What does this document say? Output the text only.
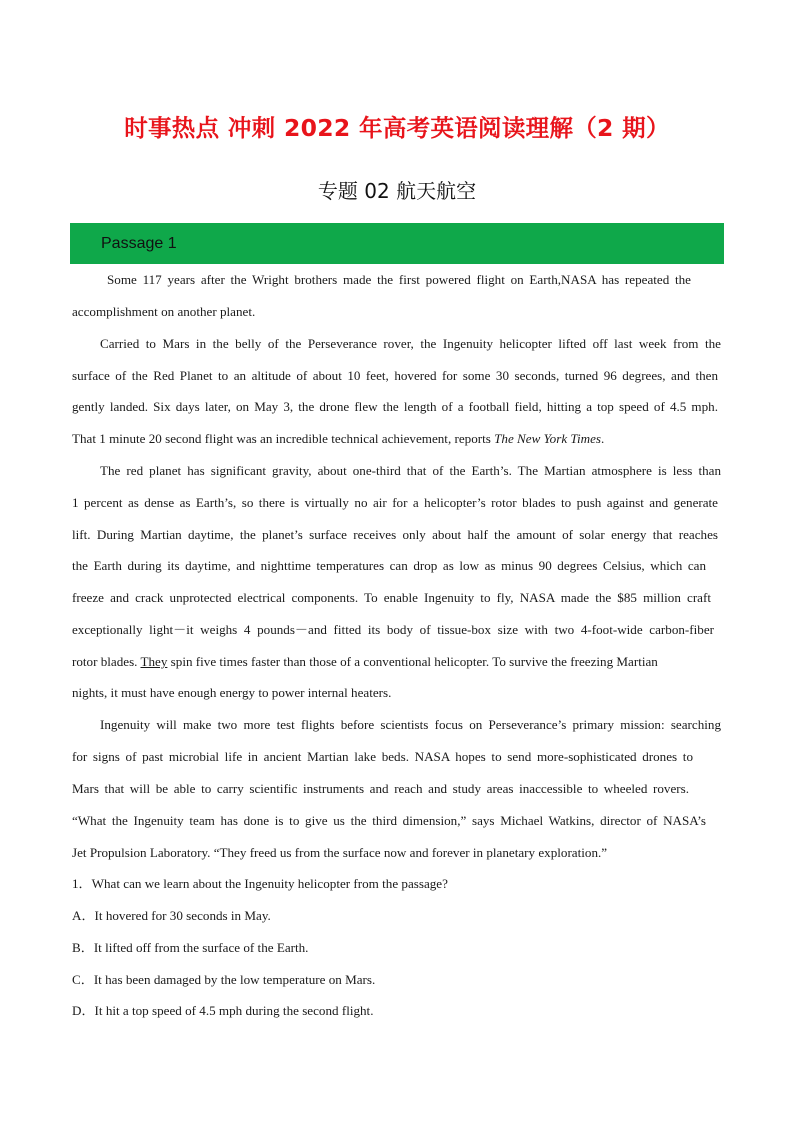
时事热点 冲刺 2022 年高考英语阅读理解（2 期）
专题 02 航天航空
Passage 1
Some 117 years after the Wright brothers made the first powered flight on Earth,NASA has repeated the
accomplishment on another planet.
Carried to Mars in the belly of the Perseverance rover, the Ingenuity helicopter lifted off last week from the
surface of the Red Planet to an altitude of about 10 feet, hovered for some 30 seconds, turned 96 degrees, and then
gently landed. Six days later, on May 3, the drone flew the length of a football field, hitting a top speed of 4.5 mph.
That 1 minute 20 second flight was an incredible technical achievement, reports The New York Times.
The red planet has significant gravity, about one-third that of the Earth’s. The Martian atmosphere is less than
1 percent as dense as Earth’s, so there is virtually no air for a helicopter’s rotor blades to push against and generate
lift. During Martian daytime, the planet’s surface receives only about half the amount of solar energy that reaches
the Earth during its daytime, and nighttime temperatures can drop as low as minus 90 degrees Celsius, which can
freeze and crack unprotected electrical components. To enable Ingenuity to fly, NASA made the $85 million craft
exceptionally light－it weighs 4 pounds－and fitted its body of tissue-box size with two 4-foot-wide carbon-fiber
rotor blades. They spin five times faster than those of a conventional helicopter. To survive the freezing Martian
nights, it must have enough energy to power internal heaters.
Ingenuity will make two more test flights before scientists focus on Perseverance’s primary mission: searching
for signs of past microbial life in ancient Martian lake beds. NASA hopes to send more-sophisticated drones to
Mars that will be able to carry scientific instruments and reach and study areas inaccessible to wheeled rovers.
“What the Ingenuity team has done is to give us the third dimension,” says Michael Watkins, director of NASA’s
Jet Propulsion Laboratory. “They freed us from the surface now and forever in planetary exploration.”
1．What can we learn about the Ingenuity helicopter from the passage?
A．It hovered for 30 seconds in May.
B．It lifted off from the surface of the Earth.
C．It has been damaged by the low temperature on Mars.
D．It hit a top speed of 4.5 mph during the second flight.
